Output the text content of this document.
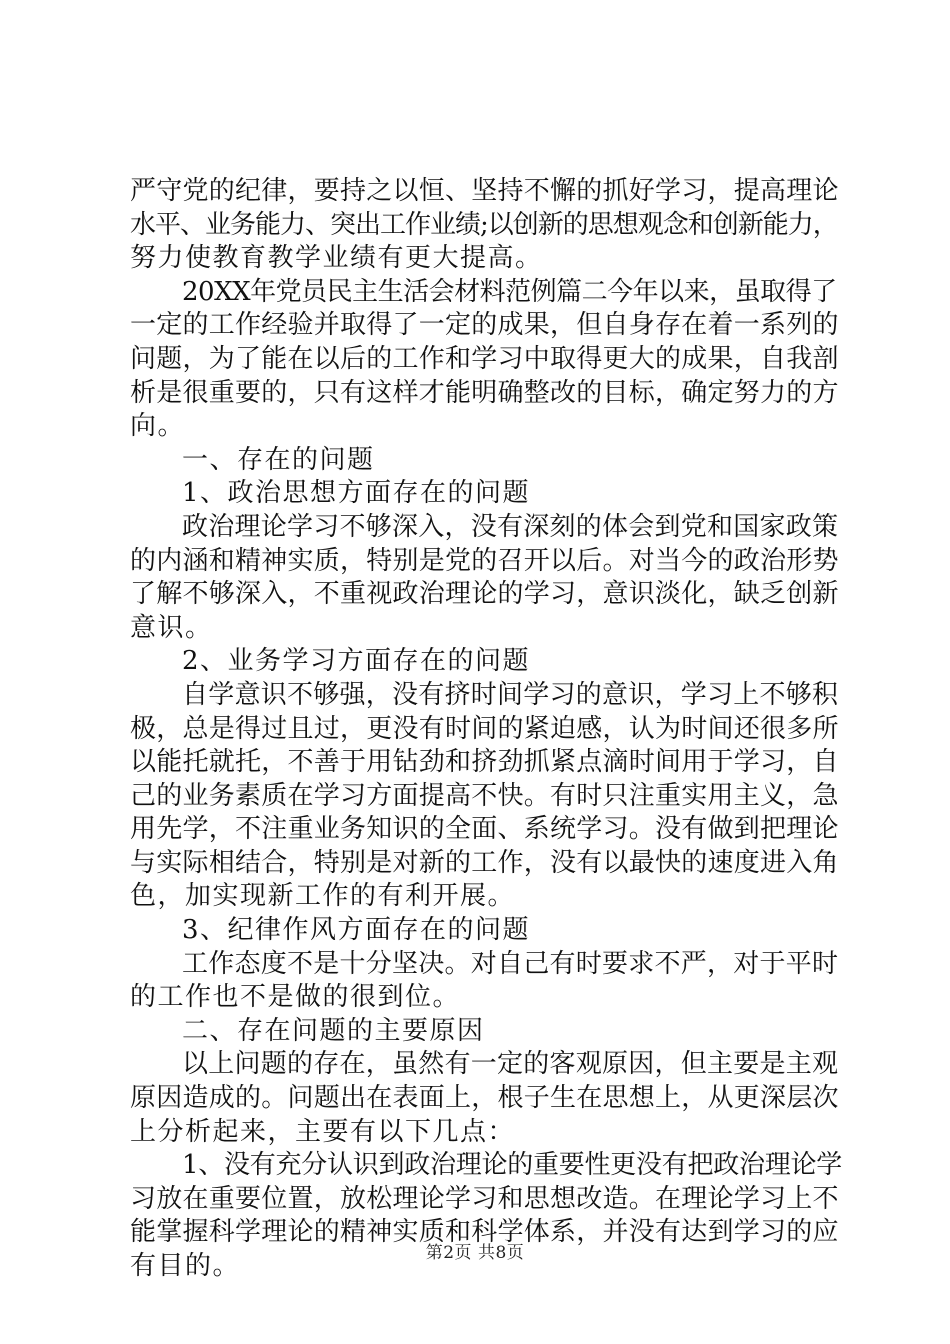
严守党的纪律，要持之以恒、坚持不懈的抓好学习，提高理论
水平、业务能力、突出工作业绩;以创新的思想观念和创新能力，
努力使教育教学业绩有更大提高。
20XX年党员民主生活会材料范例篇二今年以来，虽取得了
一定的工作经验并取得了一定的成果，但自身存在着一系列的
问题，为了能在以后的工作和学习中取得更大的成果，自我剖
析是很重要的，只有这样才能明确整改的目标，确定努力的方
向。
一、存在的问题
1、政治思想方面存在的问题
政治理论学习不够深入，没有深刻的体会到党和国家政策
的内涵和精神实质，特别是党的召开以后。对当今的政治形势
了解不够深入，不重视政治理论的学习，意识淡化，缺乏创新
意识。
2、业务学习方面存在的问题
自学意识不够强，没有挤时间学习的意识，学习上不够积
极，总是得过且过，更没有时间的紧迫感，认为时间还很多所
以能托就托，不善于用钻劲和挤劲抓紧点滴时间用于学习，自
己的业务素质在学习方面提高不快。有时只注重实用主义，急
用先学，不注重业务知识的全面、系统学习。没有做到把理论
与实际相结合，特别是对新的工作，没有以最快的速度进入角
色，加实现新工作的有利开展。
3、纪律作风方面存在的问题
工作态度不是十分坚决。对自己有时要求不严，对于平时
的工作也不是做的很到位。
二、存在问题的主要原因
以上问题的存在，虽然有一定的客观原因，但主要是主观
原因造成的。问题出在表面上，根子生在思想上，从更深层次
上分析起来，主要有以下几点：
1、没有充分认识到政治理论的重要性更没有把政治理论学
习放在重要位置，放松理论学习和思想改造。在理论学习上不
能掌握科学理论的精神实质和科学体系，并没有达到学习的应
有目的。	第2页 共8页
